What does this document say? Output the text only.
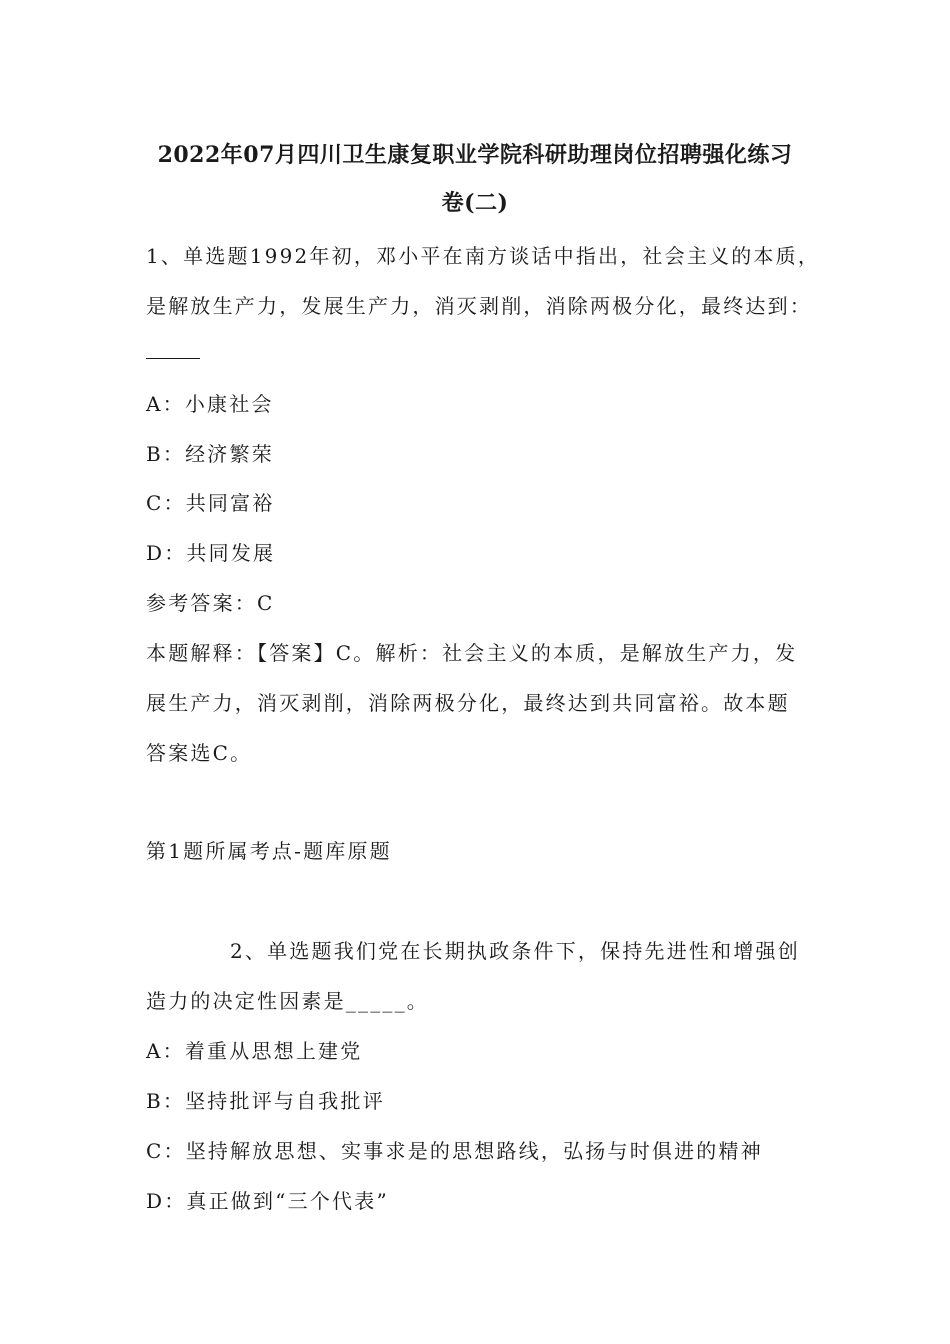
2022年07月四川卫生康复职业学院科研助理岗位招聘强化练习
卷(二)
1、单选题1992年初，邓小平在南方谈话中指出，社会主义的本质，
是解放生产力，发展生产力，消灭剥削，消除两极分化，最终达到：
A：小康社会
B：经济繁荣
C：共同富裕
D：共同发展
参考答案：C
本题解释：【答案】C。解析：社会主义的本质，是解放生产力，发
展生产力，消灭剥削，消除两极分化，最终达到共同富裕。故本题
答案选C。
第1题所属考点-题库原题
2、单选题我们党在长期执政条件下，保持先进性和增强创
造力的决定性因素是_____。
A：着重从思想上建党
B：坚持批评与自我批评
C：坚持解放思想、实事求是的思想路线，弘扬与时俱进的精神
D：真正做到“三个代表”
